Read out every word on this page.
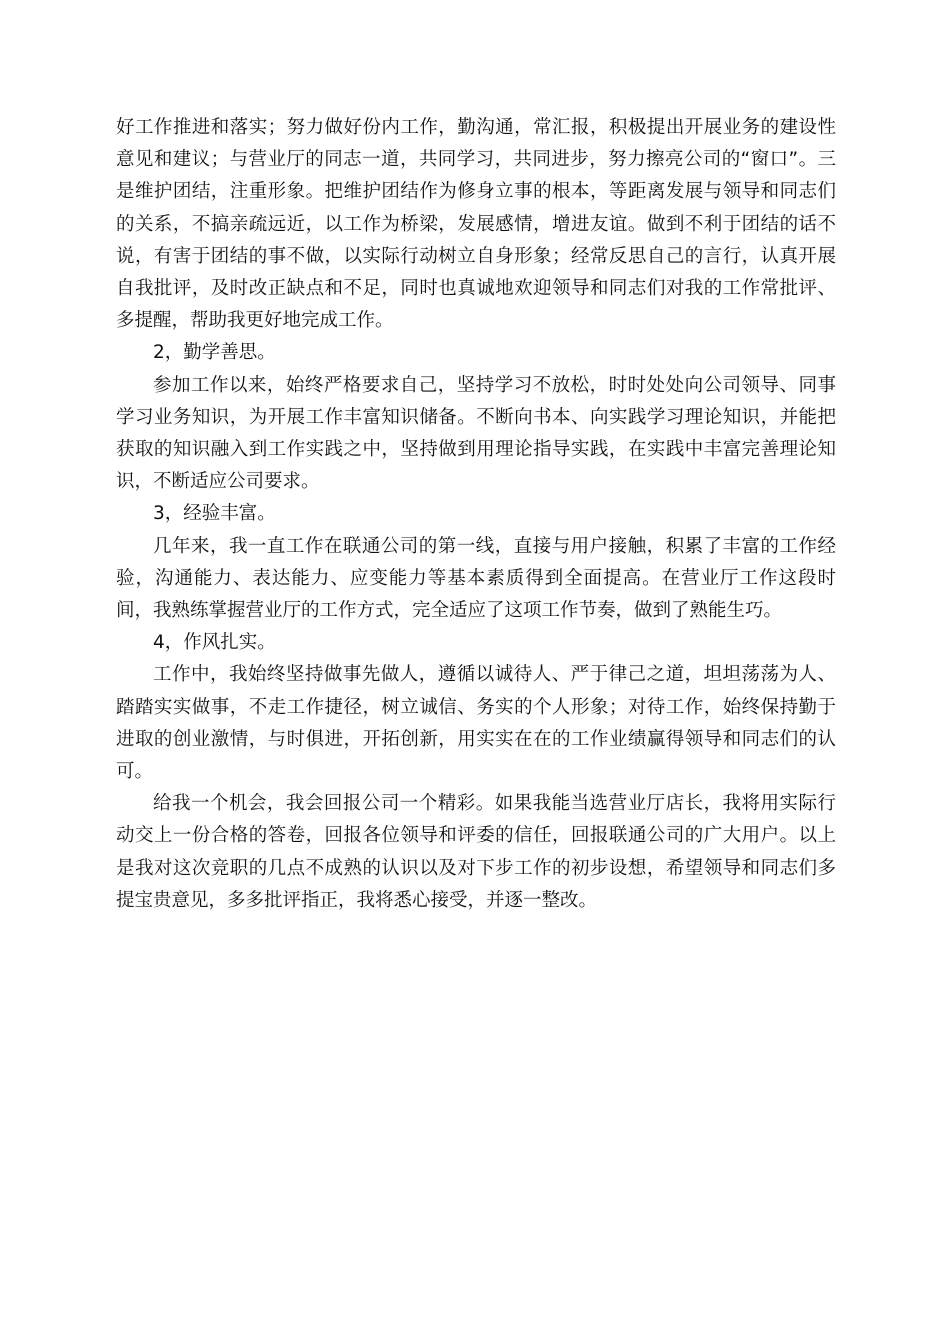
好工作推进和落实；努力做好份内工作，勤沟通，常汇报，积极提出开展业务的建设性意见和建议；与营业厅的同志一道，共同学习，共同进步，努力擦亮公司的“窗口”。三是维护团结，注重形象。把维护团结作为修身立事的根本，等距离发展与领导和同志们的关系，不搞亲疏远近，以工作为桥梁，发展感情，增进友谊。做到不利于团结的话不说，有害于团结的事不做，以实际行动树立自身形象；经常反思自己的言行，认真开展自我批评，及时改正缺点和不足，同时也真诚地欢迎领导和同志们对我的工作常批评、多提醒，帮助我更好地完成工作。

2，勤学善思。

参加工作以来，始终严格要求自己，坚持学习不放松，时时处处向公司领导、同事学习业务知识，为开展工作丰富知识储备。不断向书本、向实践学习理论知识，并能把获取的知识融入到工作实践之中，坚持做到用理论指导实践，在实践中丰富完善理论知识，不断适应公司要求。

3，经验丰富。

几年来，我一直工作在联通公司的第一线，直接与用户接触，积累了丰富的工作经验，沟通能力、表达能力、应变能力等基本素质得到全面提高。在营业厅工作这段时间，我熟练掌握营业厅的工作方式，完全适应了这项工作节奏，做到了熟能生巧。

4，作风扎实。

工作中，我始终坚持做事先做人，遵循以诚待人、严于律己之道，坦坦荡荡为人、踏踏实实做事，不走工作捷径，树立诚信、务实的个人形象；对待工作，始终保持勤于进取的创业激情，与时俱进，开拓创新，用实实在在的工作业绩赢得领导和同志们的认可。

给我一个机会，我会回报公司一个精彩。如果我能当选营业厅店长，我将用实际行动交上一份合格的答卷，回报各位领导和评委的信任，回报联通公司的广大用户。以上是我对这次竞职的几点不成熟的认识以及对下步工作的初步设想，希望领导和同志们多提宝贵意见，多多批评指正，我将悉心接受，并逐一整改。
